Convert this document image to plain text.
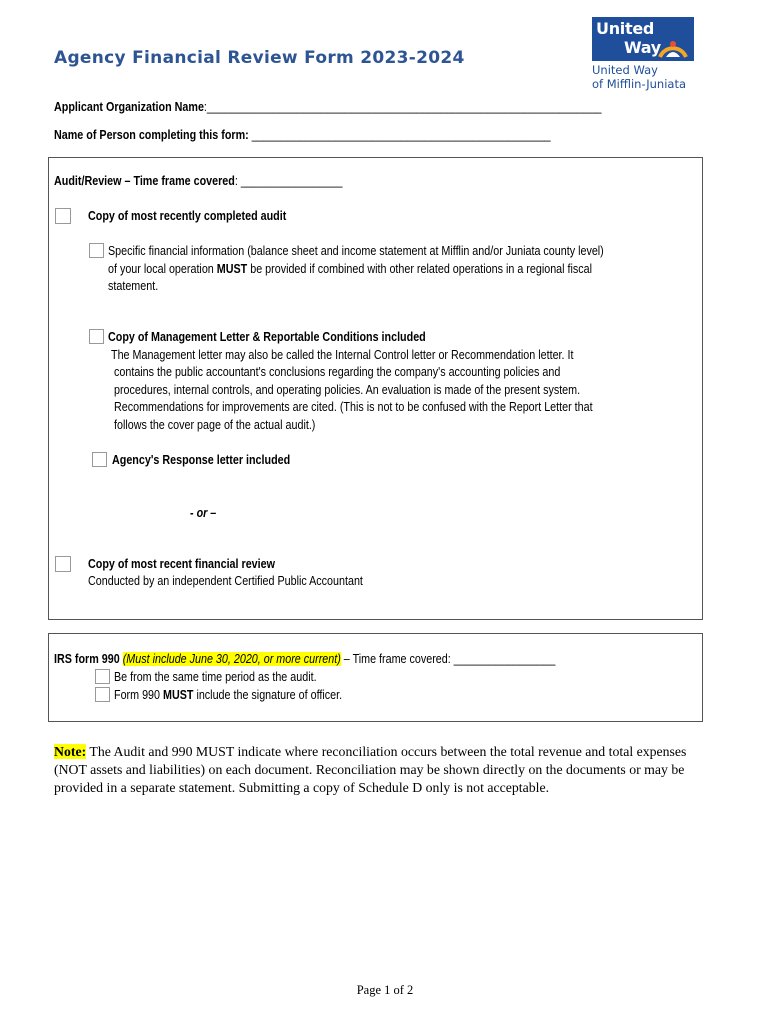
Agency Financial Review Form 2023-2024
United
Way
United Way
of Mifflin-Juniata
Applicant Organization Name:__________________________________________________________________
Name of Person completing this form: __________________________________________________
Audit/Review – Time frame covered: _________________
Copy of most recently completed audit
Specific financial information (balance sheet and income statement at Mifflin and/or Juniata county level)
of your local operation MUST be provided if combined with other related operations in a regional fiscal
statement.
Copy of Management Letter & Reportable Conditions included
The Management letter may also be called the Internal Control letter or Recommendation letter. It
contains the public accountant's conclusions regarding the company's accounting policies and
procedures, internal controls, and operating policies. An evaluation is made of the present system.
Recommendations for improvements are cited. (This is not to be confused with the Report Letter that
follows the cover page of the actual audit.)
Agency's Response letter included
- or –
Copy of most recent financial review
Conducted by an independent Certified Public Accountant
IRS form 990 (Must include June 30, 2020, or more current) – Time frame covered: _________________
Be from the same time period as the audit.
Form 990 MUST include the signature of officer.
Note: The Audit and 990 MUST indicate where reconciliation occurs between the total revenue and total expenses (NOT assets and liabilities) on each document. Reconciliation may be shown directly on the documents or may be provided in a separate statement. Submitting a copy of Schedule D only is not acceptable.
Page 1 of 2
